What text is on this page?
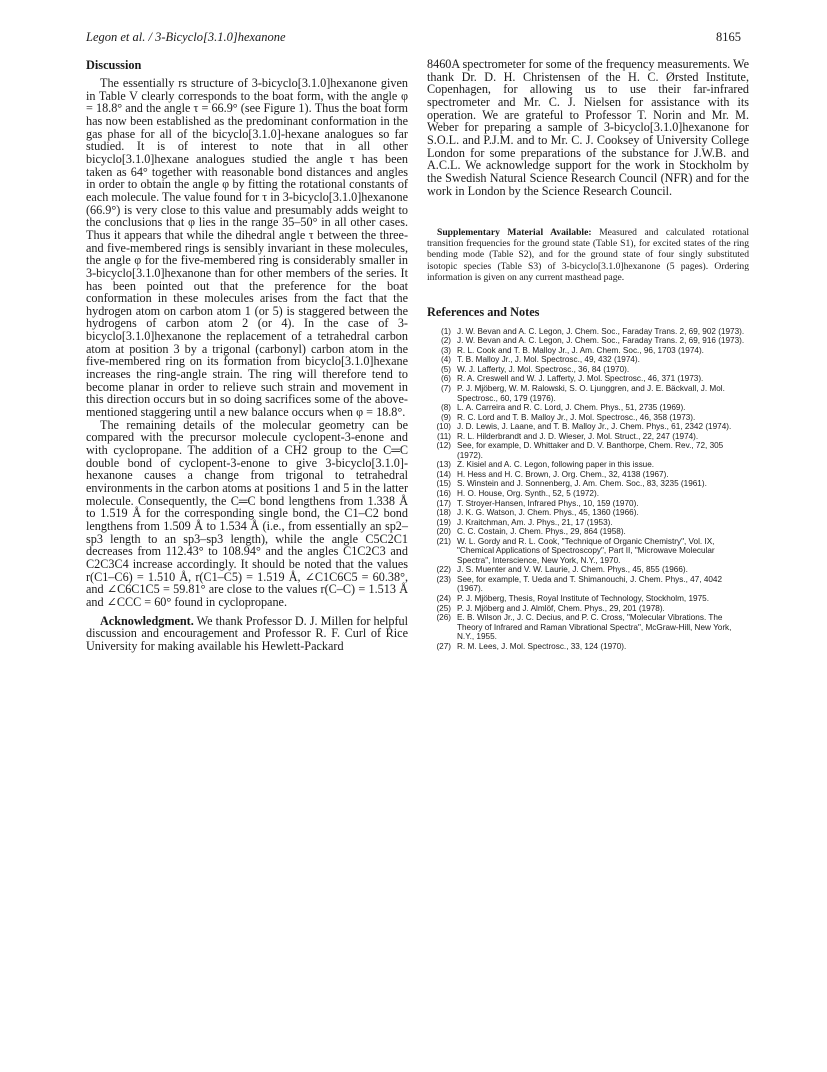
Legon et al. / 3-Bicyclo[3.1.0]hexanone	8165
Discussion

The essentially rs structure of 3-bicyclo[3.1.0]hexanone given in Table V clearly corresponds to the boat form, with the angle φ = 18.8° and the angle τ = 66.9° (see Figure 1). Thus the boat form has now been established as the predominant conformation in the gas phase for all of the bicyclo[3.1.0]-hexane analogues so far studied. It is of interest to note that in all other bicyclo[3.1.0]hexane analogues studied the angle τ has been taken as 64° together with reasonable bond distances and angles in order to obtain the angle φ by fitting the rotational constants of each molecule. The value found for τ in 3-bicyclo[3.1.0]hexanone (66.9°) is very close to this value and presumably adds weight to the conclusions that φ lies in the range 35–50° in all other cases. Thus it appears that while the dihedral angle τ between the three- and five-membered rings is sensibly invariant in these molecules, the angle φ for the five-membered ring is considerably smaller in 3-bicyclo[3.1.0]hexanone than for other members of the series. It has been pointed out that the preference for the boat conformation in these molecules arises from the fact that the hydrogen atom on carbon atom 1 (or 5) is staggered between the hydrogens of carbon atom 2 (or 4). In the case of 3-bicyclo[3.1.0]hexanone the replacement of a tetrahedral carbon atom at position 3 by a trigonal (carbonyl) carbon atom in the five-membered ring on its formation from bicyclo[3.1.0]hexane increases the ring-angle strain. The ring will therefore tend to become planar in order to relieve such strain and movement in this direction occurs but in so doing sacrifices some of the above-mentioned staggering until a new balance occurs when φ = 18.8°.

The remaining details of the molecular geometry can be compared with the precursor molecule cyclopent-3-enone and with cyclopropane. The addition of a CH2 group to the C═C double bond of cyclopent-3-enone to give 3-bicyclo[3.1.0]-hexanone causes a change from trigonal to tetrahedral environments in the carbon atoms at positions 1 and 5 in the latter molecule. Consequently, the C═C bond lengthens from 1.338 Å to 1.519 Å for the corresponding single bond, the C1–C2 bond lengthens from 1.509 Å to 1.534 Å (i.e., from essentially an sp2–sp3 length to an sp3–sp3 length), while the angle C5C2C1 decreases from 112.43° to 108.94° and the angles C1C2C3 and C2C3C4 increase accordingly. It should be noted that the values r(C1–C6) = 1.510 Å, r(C1–C5) = 1.519 Å, ∠C1C6C5 = 60.38°, and ∠C6C1C5 = 59.81° are close to the values r(C–C) = 1.513 Å and ∠CCC = 60° found in cyclopropane.

Acknowledgment. We thank Professor D. J. Millen for helpful discussion and encouragement and Professor R. F. Curl of Rice University for making available his Hewlett-Packard

8460A spectrometer for some of the frequency measurements. We thank Dr. D. H. Christensen of the H. C. Ørsted Institute, Copenhagen, for allowing us to use their far-infrared spectrometer and Mr. C. J. Nielsen for assistance with its operation. We are grateful to Professor T. Norin and Mr. M. Weber for preparing a sample of 3-bicyclo[3.1.0]hexanone for S.O.L. and P.J.M. and to Mr. C. J. Cooksey of University College London for some preparations of the substance for J.W.B. and A.C.L. We acknowledge support for the work in Stockholm by the Swedish Natural Science Research Council (NFR) and for the work in London by the Science Research Council.

Supplementary Material Available: Measured and calculated rotational transition frequencies for the ground state (Table S1), for excited states of the ring bending mode (Table S2), and for the ground state of four singly substituted isotopic species (Table S3) of 3-bicyclo[3.1.0]hexanone (5 pages). Ordering information is given on any current masthead page.

References and Notes
(1) J. W. Bevan and A. C. Legon, J. Chem. Soc., Faraday Trans. 2, 69, 902 (1973).
(2) J. W. Bevan and A. C. Legon, J. Chem. Soc., Faraday Trans. 2, 69, 916 (1973).
(3) R. L. Cook and T. B. Malloy Jr., J. Am. Chem. Soc., 96, 1703 (1974).
(4) T. B. Malloy Jr., J. Mol. Spectrosc., 49, 432 (1974).
(5) W. J. Lafferty, J. Mol. Spectrosc., 36, 84 (1970).
(6) R. A. Creswell and W. J. Lafferty, J. Mol. Spectrosc., 46, 371 (1973).
(7) P. J. Mjöberg, W. M. Ralowski, S. O. Ljunggren, and J. E. Bäckvall, J. Mol. Spectrosc., 60, 179 (1976).
(8) L. A. Carreira and R. C. Lord, J. Chem. Phys., 51, 2735 (1969).
(9) R. C. Lord and T. B. Malloy Jr., J. Mol. Spectrosc., 46, 358 (1973).
(10) J. D. Lewis, J. Laane, and T. B. Malloy Jr., J. Chem. Phys., 61, 2342 (1974).
(11) R. L. Hilderbrandt and J. D. Wieser, J. Mol. Struct., 22, 247 (1974).
(12) See, for example, D. Whittaker and D. V. Banthorpe, Chem. Rev., 72, 305 (1972).
(13) Z. Kisiel and A. C. Legon, following paper in this issue.
(14) H. Hess and H. C. Brown, J. Org. Chem., 32, 4138 (1967).
(15) S. Winstein and J. Sonnenberg, J. Am. Chem. Soc., 83, 3235 (1961).
(16) H. O. House, Org. Synth., 52, 5 (1972).
(17) T. Stroyer-Hansen, Infrared Phys., 10, 159 (1970).
(18) J. K. G. Watson, J. Chem. Phys., 45, 1360 (1966).
(19) J. Kraitchman, Am. J. Phys., 21, 17 (1953).
(20) C. C. Costain, J. Chem. Phys., 29, 864 (1958).
(21) W. L. Gordy and R. L. Cook, "Technique of Organic Chemistry", Vol. IX, "Chemical Applications of Spectroscopy", Part II, "Microwave Molecular Spectra", Interscience, New York, N.Y., 1970.
(22) J. S. Muenter and V. W. Laurie, J. Chem. Phys., 45, 855 (1966).
(23) See, for example, T. Ueda and T. Shimanouchi, J. Chem. Phys., 47, 4042 (1967).
(24) P. J. Mjöberg, Thesis, Royal Institute of Technology, Stockholm, 1975.
(25) P. J. Mjöberg and J. Almlöf, Chem. Phys., 29, 201 (1978).
(26) E. B. Wilson Jr., J. C. Decius, and P. C. Cross, "Molecular Vibrations. The Theory of Infrared and Raman Vibrational Spectra", McGraw-Hill, New York, N.Y., 1955.
(27) R. M. Lees, J. Mol. Spectrosc., 33, 124 (1970).
